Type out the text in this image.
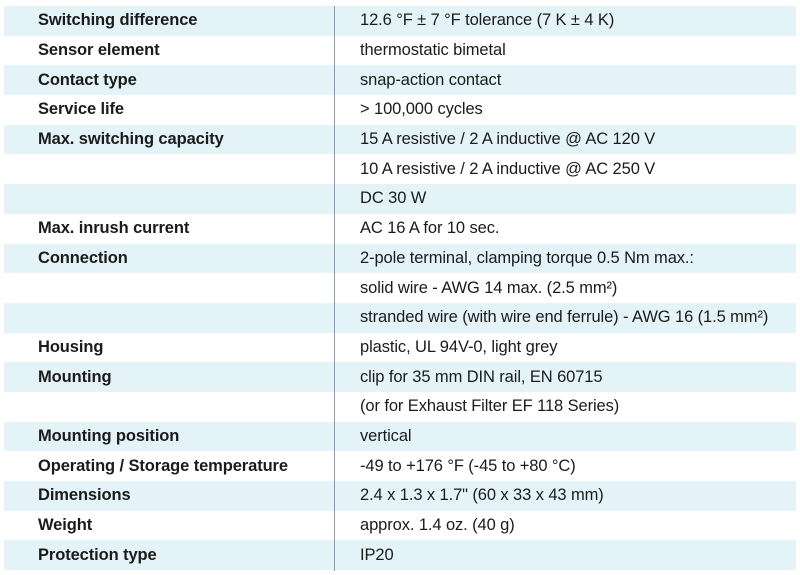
Switching difference	12.6 °F ± 7 °F tolerance (7 K ± 4 K)
Sensor element	thermostatic bimetal
Contact type	snap-action contact
Service life	> 100,000 cycles
Max. switching capacity	15 A resistive / 2 A inductive @ AC 120 V
10 A resistive / 2 A inductive @ AC 250 V
DC 30 W
Max. inrush current	AC 16 A for 10 sec.
Connection	2-pole terminal, clamping torque 0.5 Nm max.:
solid wire - AWG 14 max. (2.5 mm²)
stranded wire (with wire end ferrule) - AWG 16 (1.5 mm²)
Housing	plastic, UL 94V-0, light grey
Mounting	clip for 35 mm DIN rail, EN 60715
(or for Exhaust Filter EF 118 Series)
Mounting position	vertical
Operating / Storage temperature	-49 to +176 °F (-45 to +80 °C)
Dimensions	2.4 x 1.3 x 1.7" (60 x 33 x 43 mm)
Weight	approx. 1.4 oz. (40 g)
Protection type	IP20
